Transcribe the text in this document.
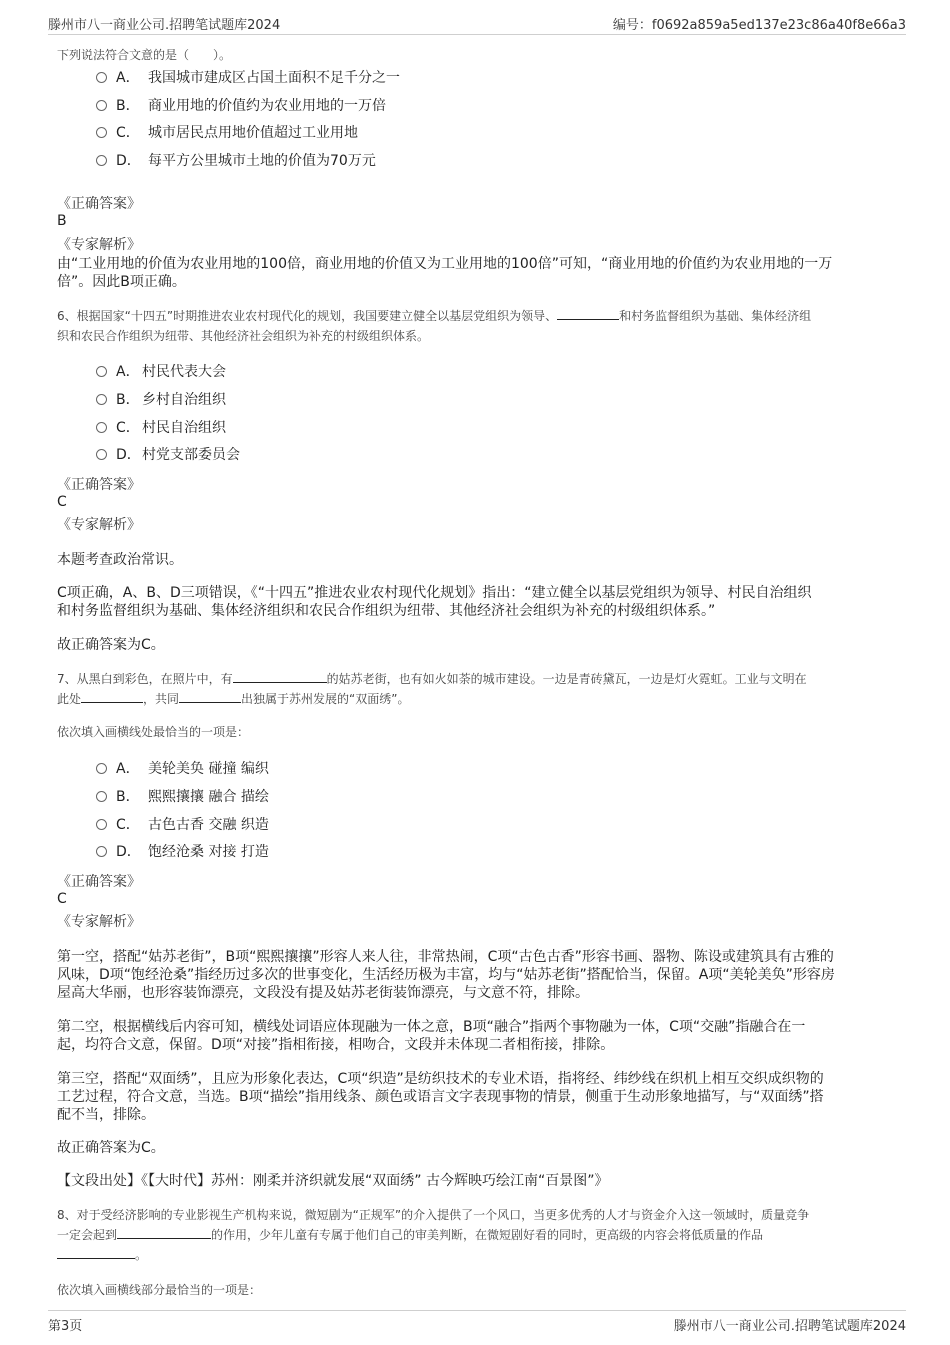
滕州市八一商业公司.招聘笔试题库2024	编号：f0692a859a5ed137e23c86a40f8e66a3
下列说法符合文意的是（　　）。
A． 我国城市建成区占国土面积不足千分之一
B． 商业用地的价值约为农业用地的一万倍
C． 城市居民点用地价值超过工业用地
D． 每平方公里城市土地的价值为70万元
《正确答案》
B
《专家解析》
由“工业用地的价值为农业用地的100倍，商业用地的价值又为工业用地的100倍”可知，“商业用地的价值约为农业用地的一万
倍”。因此B项正确。
6、根据国家“十四五”时期推进农业农村现代化的规划，我国要建立健全以基层党组织为领导、	和村务监督组织为基础、集体经济组
织和农民合作组织为纽带、其他经济社会组织为补充的村级组织体系。
A． 村民代表大会
B． 乡村自治组织
C． 村民自治组织
D． 村党支部委员会
《正确答案》
C
《专家解析》
本题考查政治常识。
C项正确，A、B、D三项错误，《“十四五”推进农业农村现代化规划》指出：“建立健全以基层党组织为领导、村民自治组织
和村务监督组织为基础、集体经济组织和农民合作组织为纽带、其他经济社会组织为补充的村级组织体系。”
故正确答案为C。
7、从黑白到彩色，在照片中，有	的姑苏老街，也有如火如荼的城市建设。一边是青砖黛瓦，一边是灯火霓虹。工业与文明在
此处	，共同	出独属于苏州发展的“双面绣”。
依次填入画横线处最恰当的一项是：
A． 美轮美奂 碰撞 编织
B． 熙熙攘攘 融合 描绘
C． 古色古香 交融 织造
D． 饱经沧桑 对接 打造
《正确答案》
C
《专家解析》
第一空，搭配“姑苏老街”，B项“熙熙攘攘”形容人来人往，非常热闹，C项“古色古香”形容书画、器物、陈设或建筑具有古雅的
风味，D项“饱经沧桑”指经历过多次的世事变化，生活经历极为丰富，均与“姑苏老街”搭配恰当，保留。A项“美轮美奂”形容房
屋高大华丽，也形容装饰漂亮，文段没有提及姑苏老街装饰漂亮，与文意不符，排除。
第二空，根据横线后内容可知，横线处词语应体现融为一体之意，B项“融合”指两个事物融为一体，C项“交融”指融合在一
起，均符合文意，保留。D项“对接”指相衔接，相吻合，文段并未体现二者相衔接，排除。
第三空，搭配“双面绣”，且应为形象化表达，C项“织造”是纺织技术的专业术语，指将经、纬纱线在织机上相互交织成织物的
工艺过程，符合文意，当选。B项“描绘”指用线条、颜色或语言文字表现事物的情景，侧重于生动形象地描写，与“双面绣”搭
配不当，排除。
故正确答案为C。
【文段出处】《【大时代】苏州：刚柔并济织就发展“双面绣” 古今辉映巧绘江南“百景图”》
8、对于受经济影响的专业影视生产机构来说，微短剧为“正规军”的介入提供了一个风口，当更多优秀的人才与资金介入这一领域时，质量竞争
一定会起到	的作用，少年儿童有专属于他们自己的审美判断，在微短剧好看的同时，更高级的内容会将低质量的作品
。
依次填入画横线部分最恰当的一项是：
第3页	滕州市八一商业公司.招聘笔试题库2024
